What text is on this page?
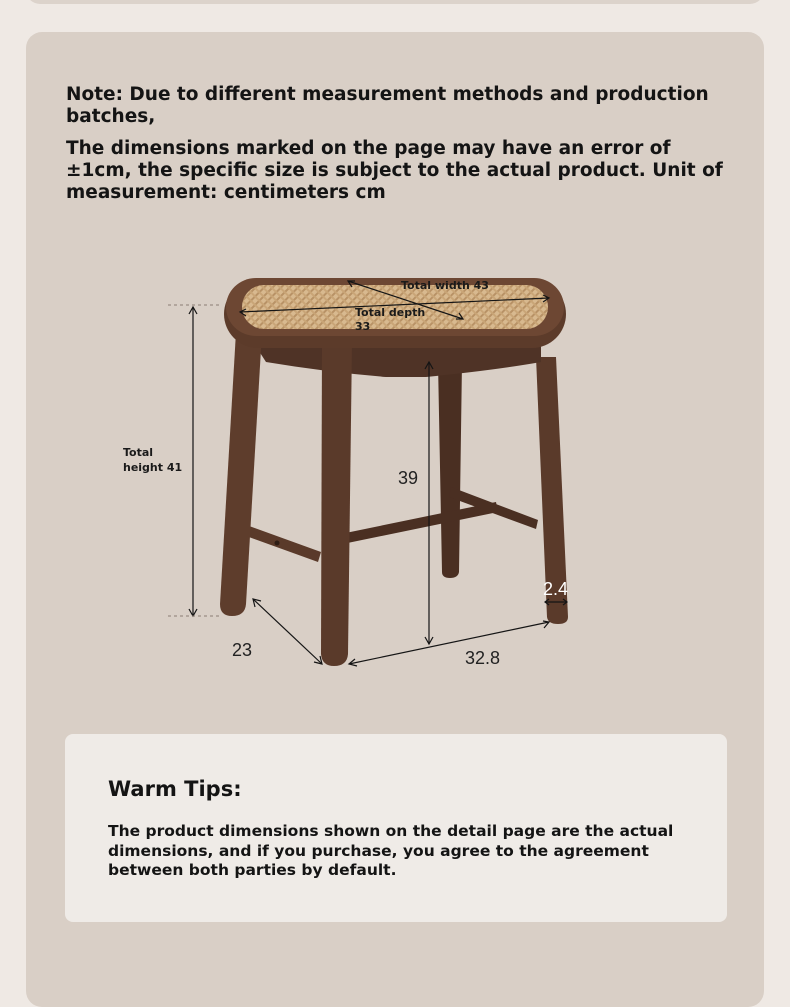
Note: Due to different measurement methods and production batches,

The dimensions marked on the page may have an error of ±1cm, the specific size is subject to the actual product. Unit of measurement: centimeters cm

Total width 43
Total depth
33
Total
height 41
39
2.4
23	32.8
Warm Tips:
The product dimensions shown on the detail page are the actual dimensions, and if you purchase, you agree to the agreement between both parties by default.
